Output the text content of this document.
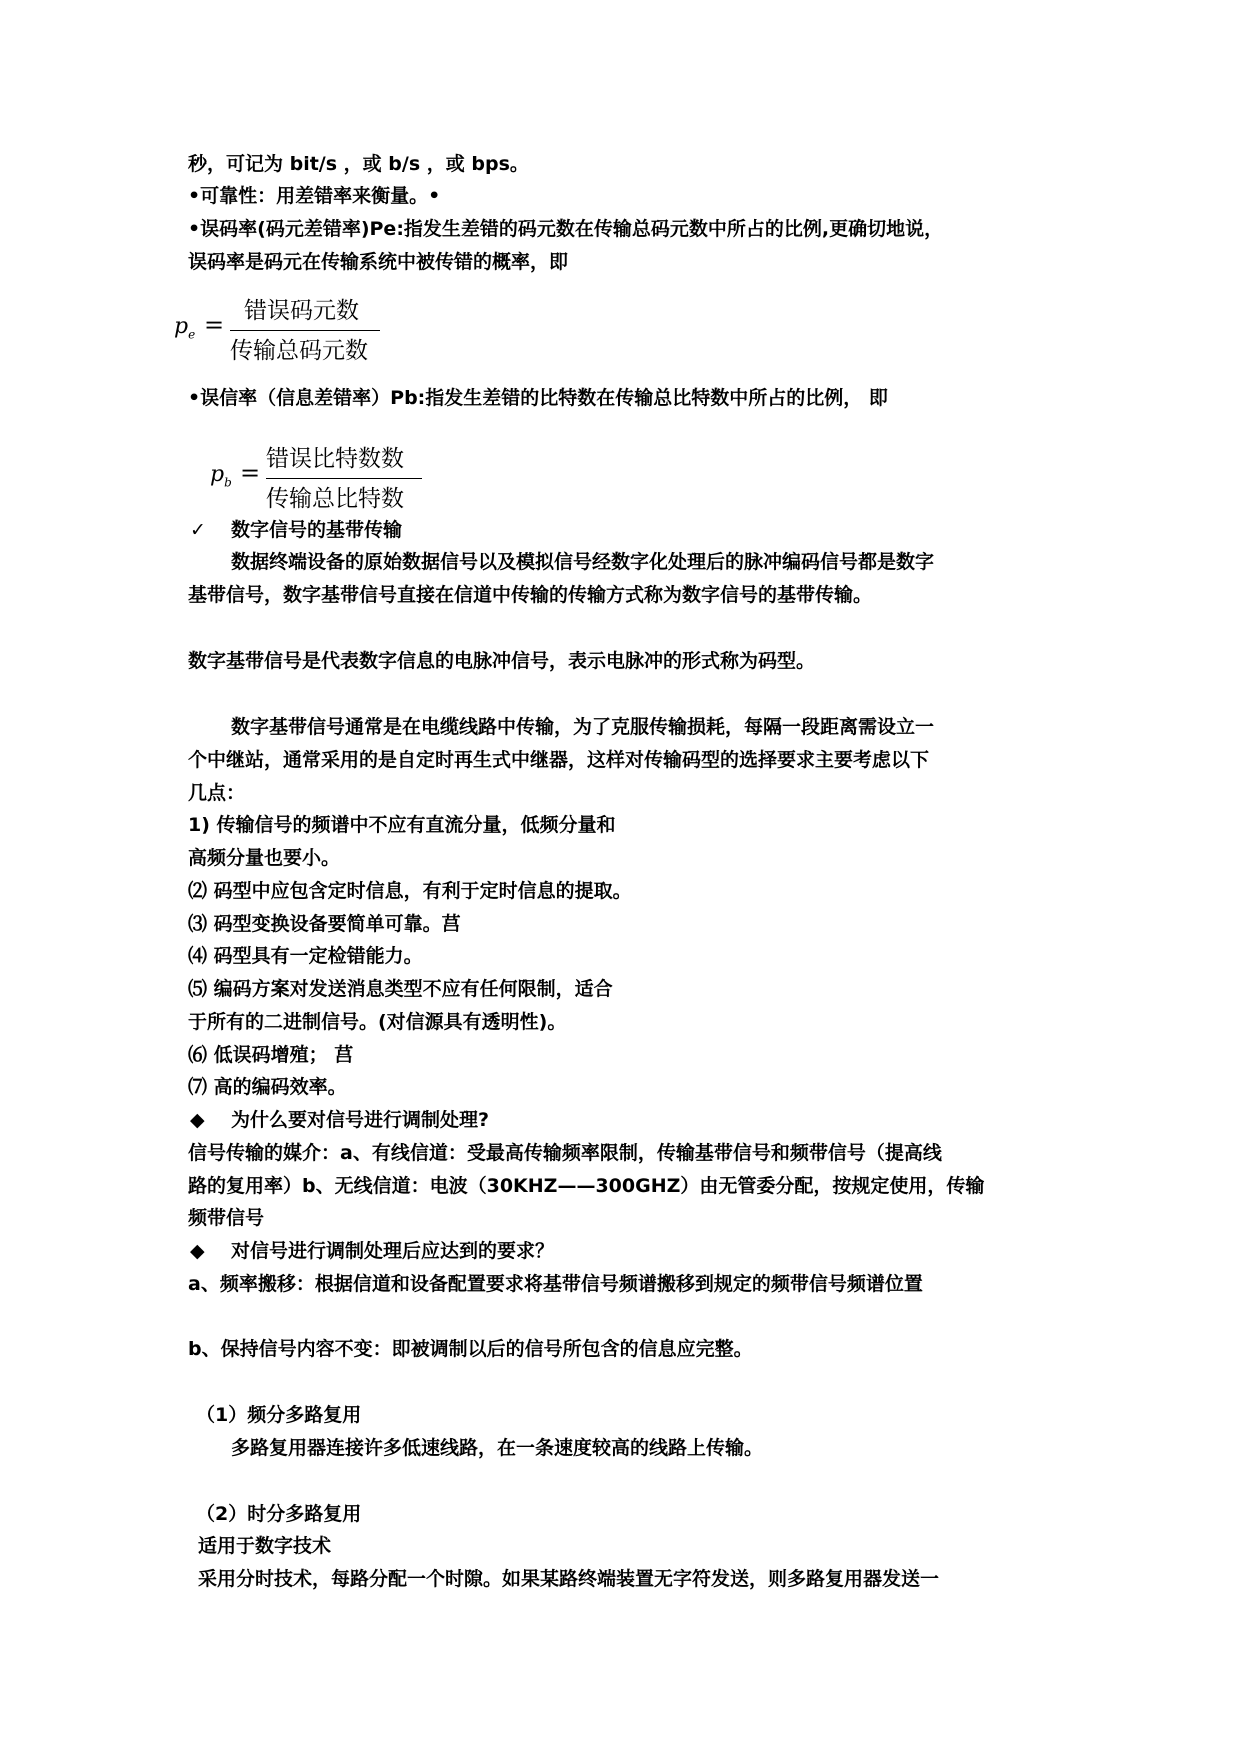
秒，可记为 bit/s ，或 b/s ，或 bps。
•可靠性：用差错率来衡量。•
•误码率(码元差错率)Pe:指发生差错的码元数在传输总码元数中所占的比例,更确切地说，
误码率是码元在传输系统中被传错的概率，即
$p_e$ = 错误码元数
传输总码元数
•误信率（信息差错率）Pb:指发生差错的比特数在传输总比特数中所占的比例， 即
$p_b$ = 错误比特数数
传输总比特数
✓ 数字信号的基带传输
数据终端设备的原始数据信号以及模拟信号经数字化处理后的脉冲编码信号都是数字
基带信号，数字基带信号直接在信道中传输的传输方式称为数字信号的基带传输。
数字基带信号是代表数字信息的电脉冲信号，表示电脉冲的形式称为码型。
数字基带信号通常是在电缆线路中传输，为了克服传输损耗，每隔一段距离需设立一
个中继站，通常采用的是自定时再生式中继器，这样对传输码型的选择要求主要考虑以下
几点：
1) 传输信号的频谱中不应有直流分量，低频分量和
高频分量也要小。
⑵ 码型中应包含定时信息，有利于定时信息的提取。
⑶ 码型变换设备要简单可靠。莒
⑷ 码型具有一定检错能力。
⑸ 编码方案对发送消息类型不应有任何限制，适合
于所有的二进制信号。(对信源具有透明性)。
⑹ 低误码增殖； 莒
⑺ 高的编码效率。
◆ 为什么要对信号进行调制处理?
信号传输的媒介：a、有线信道：受最高传输频率限制，传输基带信号和频带信号（提高线
路的复用率）b、无线信道：电波（30KHZ——300GHZ）由无管委分配，按规定使用，传输
频带信号
◆ 对信号进行调制处理后应达到的要求？
a、频率搬移：根据信道和设备配置要求将基带信号频谱搬移到规定的频带信号频谱位置
b、保持信号内容不变：即被调制以后的信号所包含的信息应完整。
（1）频分多路复用
多路复用器连接许多低速线路，在一条速度较高的线路上传输。
（2）时分多路复用
适用于数字技术
采用分时技术，每路分配一个时隙。如果某路终端装置无字符发送，则多路复用器发送一
